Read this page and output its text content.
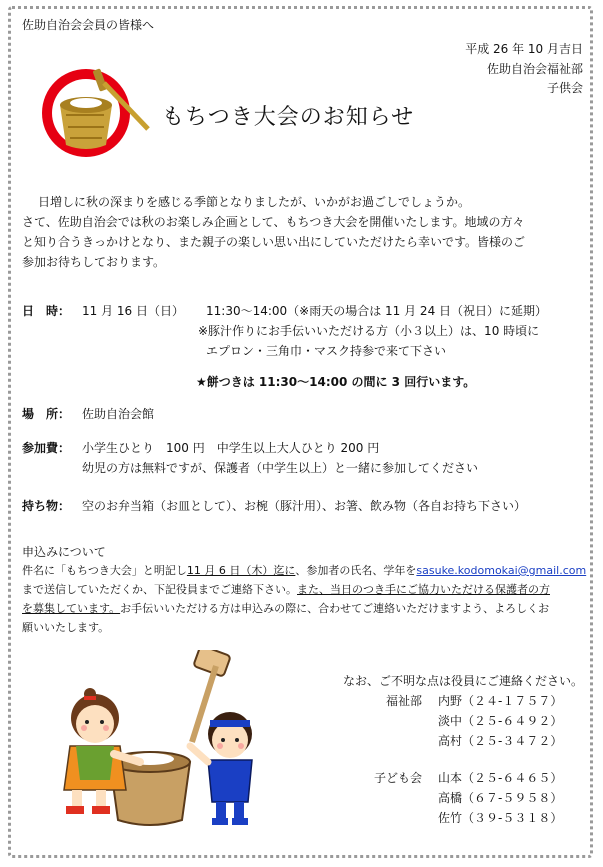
佐助自治会会員の皆様へ
平成 26 年 10 月吉日
佐助自治会福祉部
子供会
もちつき大会のお知らせ
日増しに秋の深まりを感じる季節となりましたが、いかがお過ごしでしょうか。
さて、佐助自治会では秋のお楽しみ企画として、もちつき大会を開催いたします。地域の方々
と知り合うきっかけとなり、また親子の楽しい思い出にしていただけたら幸いです。皆様のご
参加お待ちしております。
日　時： 11 月 16 日（日） 11:30～14:00（※雨天の場合は 11 月 24 日（祝日）に延期）
※豚汁作りにお手伝いいただける方（小３以上）は、10 時頃に
エプロン・三角巾・マスク持参で来て下さい
★餅つきは 11:30～14:00 の間に 3 回行います。
場　所： 佐助自治会館
参加費： 小学生ひとり　100 円　中学生以上大人ひとり 200 円
幼児の方は無料ですが、保護者（中学生以上）と一緒に参加してください
持ち物： 空のお弁当箱（お皿として）、お椀（豚汁用）、お箸、飲み物（各自お持ち下さい）
申込みについて
件名に「もちつき大会」と明記し11 月 6 日（木）迄に、参加者の氏名、学年をsasuke.kodomokai@gmail.com
まで送信していただくか、下記役員までご連絡下さい。また、当日のつき手にご協力いただける保護者の方
を募集しています。お手伝いいただける方は申込みの際に、合わせてご連絡いただけますよう、よろしくお
願いいたします。
なお、ご不明な点は役員にご連絡ください。
福祉部 内野（２４-１７５７）
淡中（２５-６４９２）
高村（２５-３４７２）
子ども会 山本（２５-６４６５）
高橋（６７-５９５８）
佐竹（３９-５３１８）
